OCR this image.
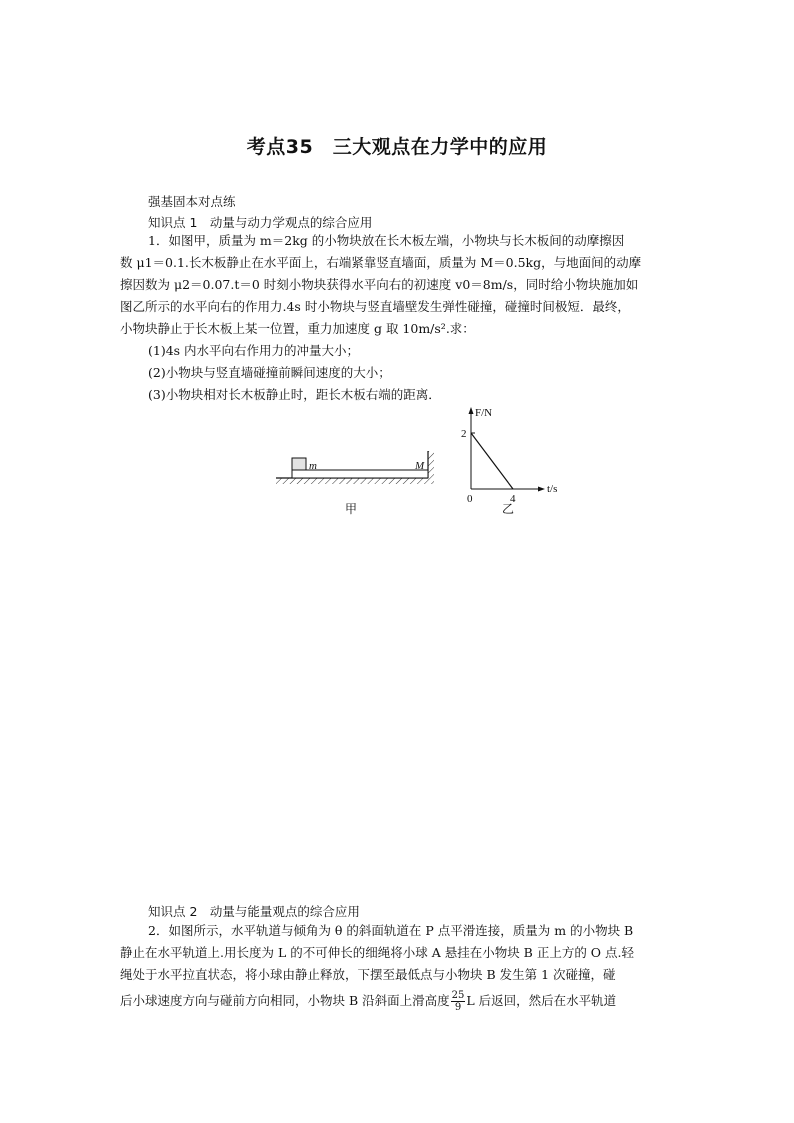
考点35　三大观点在力学中的应用
强基固本对点练
知识点 1　动量与动力学观点的综合应用
1．如图甲，质量为 m＝2kg 的小物块放在长木板左端，小物块与长木板间的动摩擦因
数 μ1＝0.1.长木板静止在水平面上，右端紧靠竖直墙面，质量为 M＝0.5kg，与地面间的动摩
擦因数为 μ2＝0.07.t＝0 时刻小物块获得水平向右的初速度 v0＝8m/s，同时给小物块施加如
图乙所示的水平向右的作用力.4s 时小物块与竖直墙壁发生弹性碰撞，碰撞时间极短．最终，
小物块静止于长木板上某一位置，重力加速度 g 取 10m/s².求：
(1)4s 内水平向右作用力的冲量大小；
(2)小物块与竖直墙碰撞前瞬间速度的大小；
(3)小物块相对长木板静止时，距长木板右端的距离．
m	M
甲
F/N
t/s
0
2
4
乙
知识点 2　动量与能量观点的综合应用
2．如图所示，水平轨道与倾角为 θ 的斜面轨道在 P 点平滑连接，质量为 m 的小物块 B
静止在水平轨道上.用长度为 L 的不可伸长的细绳将小球 A 悬挂在小物块 B 正上方的 O 点.轻
绳处于水平拉直状态，将小球由静止释放，下摆至最低点与小物块 B 发生第 1 次碰撞，碰
后小球速度方向与碰前方向相同，小物块 B 沿斜面上滑高度 $\frac{25}{9}$ L 后返回，然后在水平轨道
